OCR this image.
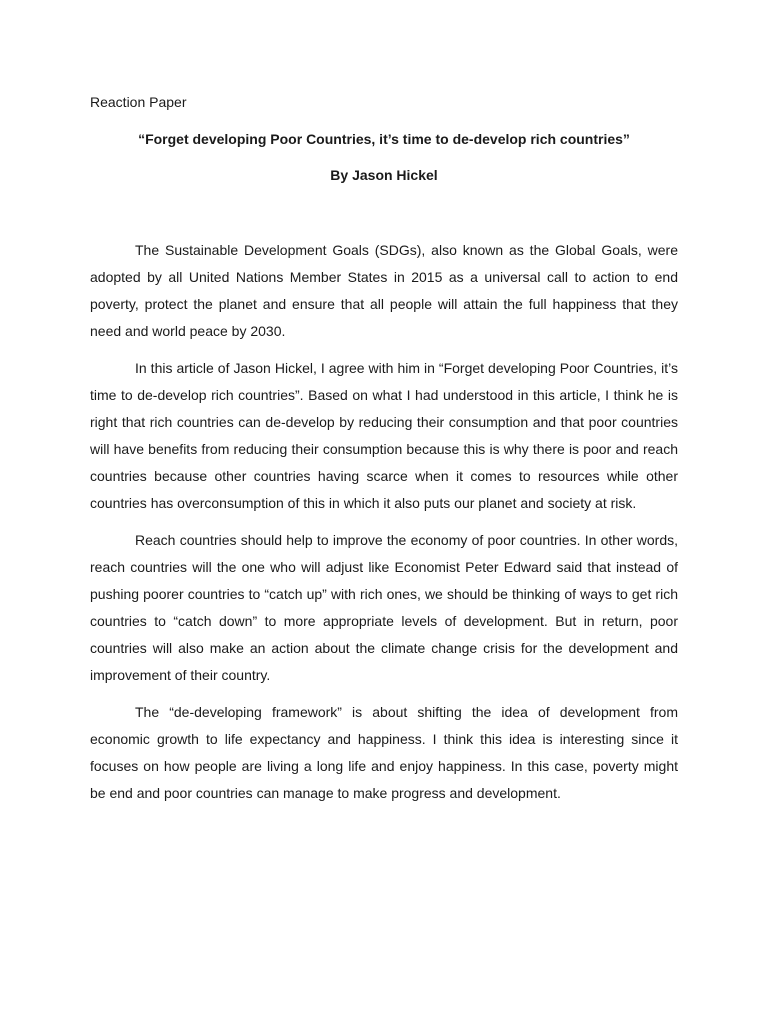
Reaction Paper

“Forget developing Poor Countries, it’s time to de-develop rich countries”

By Jason Hickel

The Sustainable Development Goals (SDGs), also known as the Global Goals, were adopted by all United Nations Member States in 2015 as a universal call to action to end poverty, protect the planet and ensure that all people will attain the full happiness that they need and world peace by 2030.

In this article of Jason Hickel, I agree with him in “Forget developing Poor Countries, it’s time to de-develop rich countries”. Based on what I had understood in this article, I think he is right that rich countries can de-develop by reducing their consumption and that poor countries will have benefits from reducing their consumption because this is why there is poor and reach countries because other countries having scarce when it comes to resources while other countries has overconsumption of this in which it also puts our planet and society at risk.

Reach countries should help to improve the economy of poor countries. In other words, reach countries will the one who will adjust like Economist Peter Edward said that instead of pushing poorer countries to “catch up” with rich ones, we should be thinking of ways to get rich countries to “catch down” to more appropriate levels of development. But in return, poor countries will also make an action about the climate change crisis for the development and improvement of their country.

The “de-developing framework” is about shifting the idea of development from economic growth to life expectancy and happiness. I think this idea is interesting since it focuses on how people are living a long life and enjoy happiness. In this case, poverty might be end and poor countries can manage to make progress and development.
